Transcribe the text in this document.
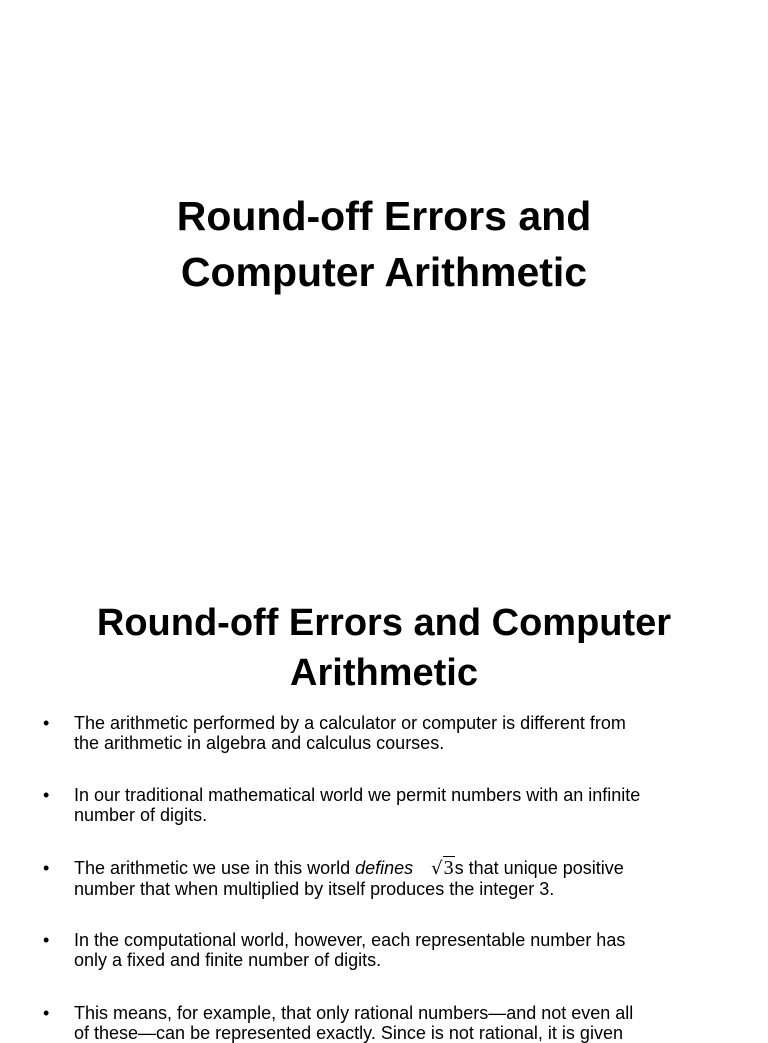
Round-off Errors and
Computer Arithmetic
Round-off Errors and Computer
Arithmetic
• The arithmetic performed by a calculator or computer is different from
the arithmetic in algebra and calculus courses.
• In our traditional mathematical world we permit numbers with an infinite
number of digits.
• The arithmetic we use in this world defines √3s that unique positive
number that when multiplied by itself produces the integer 3.
• In the computational world, however, each representable number has
only a fixed and finite number of digits.
• This means, for example, that only rational numbers—and not even all
of these—can be represented exactly. Since is not rational, it is given
